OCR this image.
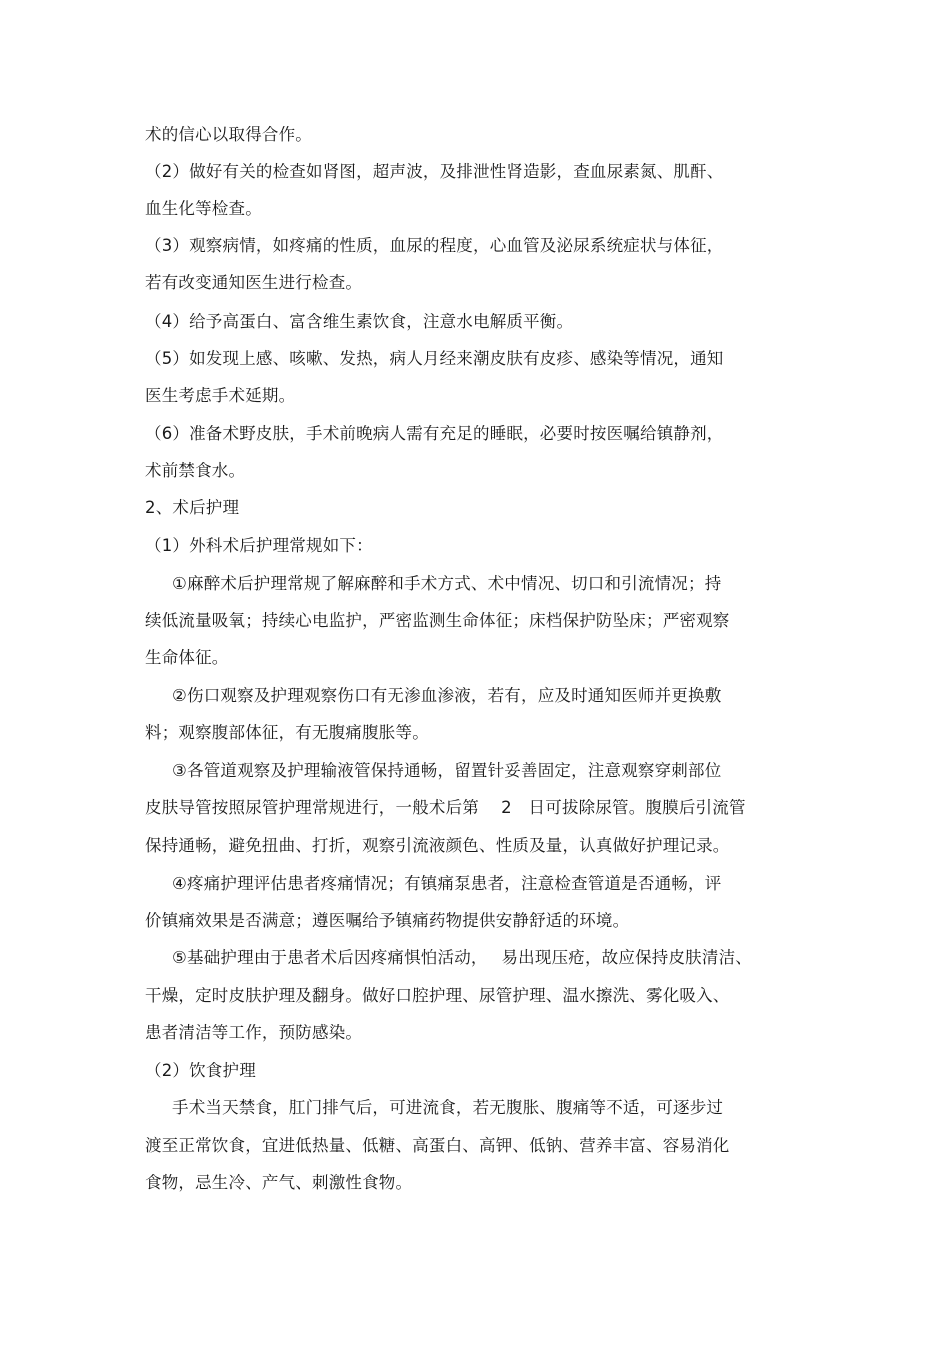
术的信心以取得合作。
（2）做好有关的检查如肾图，超声波，及排泄性肾造影，查血尿素氮、肌酐、
血生化等检查。
（3）观察病情，如疼痛的性质，血尿的程度，心血管及泌尿系统症状与体征，
若有改变通知医生进行检查。
（4）给予高蛋白、富含维生素饮食，注意水电解质平衡。
（5）如发现上感、咳嗽、发热，病人月经来潮皮肤有皮疹、感染等情况，通知
医生考虑手术延期。
（6）准备术野皮肤，手术前晚病人需有充足的睡眠，必要时按医嘱给镇静剂，
术前禁食水。
2、术后护理
（1）外科术后护理常规如下：
①麻醉术后护理常规了解麻醉和手术方式、术中情况、切口和引流情况；持
续低流量吸氧；持续心电监护，严密监测生命体征；床档保护防坠床；严密观察
生命体征。
②伤口观察及护理观察伤口有无渗血渗液，若有，应及时通知医师并更换敷
料；观察腹部体征，有无腹痛腹胀等。
③各管道观察及护理输液管保持通畅，留置针妥善固定，注意观察穿刺部位
皮肤导管按照尿管护理常规进行，一般术后第　 2　日可拔除尿管。腹膜后引流管
保持通畅，避免扭曲、打折，观察引流液颜色、性质及量，认真做好护理记录。
④疼痛护理评估患者疼痛情况；有镇痛泵患者，注意检查管道是否通畅，评
价镇痛效果是否满意；遵医嘱给予镇痛药物提供安静舒适的环境。
⑤基础护理由于患者术后因疼痛惧怕活动，　 易出现压疮，故应保持皮肤清洁、
干燥，定时皮肤护理及翻身。做好口腔护理、尿管护理、温水擦洗、雾化吸入、
患者清洁等工作，预防感染。
（2）饮食护理
手术当天禁食，肛门排气后，可进流食，若无腹胀、腹痛等不适，可逐步过
渡至正常饮食，宜进低热量、低糖、高蛋白、高钾、低钠、营养丰富、容易消化
食物，忌生冷、产气、刺激性食物。
